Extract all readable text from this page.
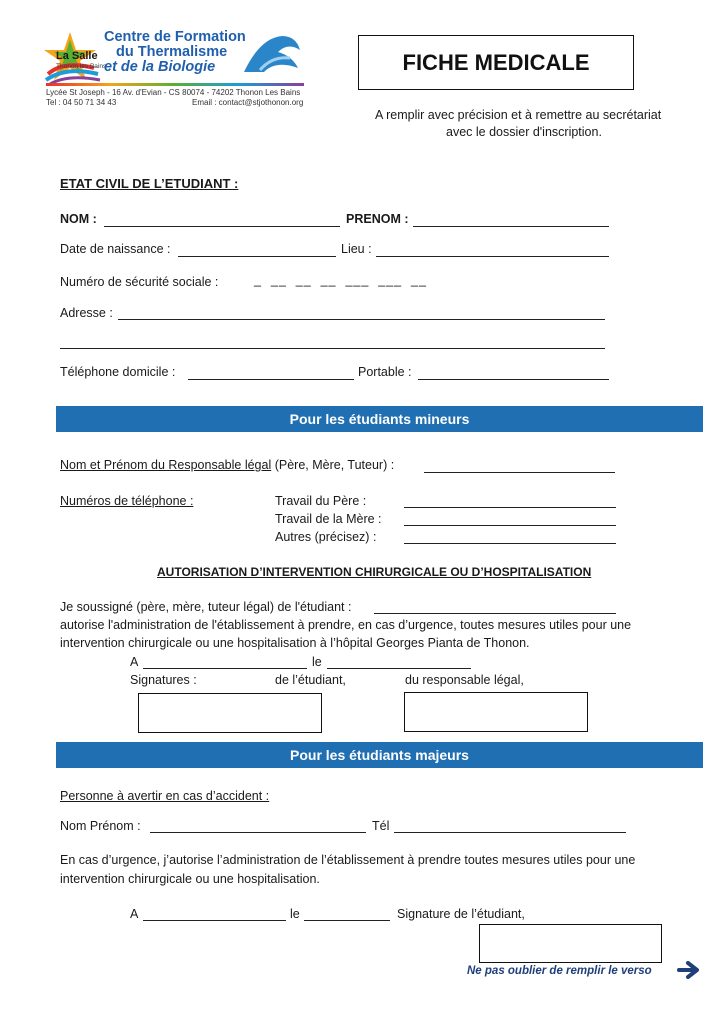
La Salle
Thonon les Bains
Centre de Formation
du Thermalisme
et de la Biologie
Lycée St Joseph - 16 Av. d'Evian - CS 80074 - 74202 Thonon Les Bains
Tel : 04 50 71 34 43	Email : contact@stjothonon.org
FICHE MEDICALE
A remplir avec précision et à remettre au secrétariat
avec le dossier d'inscription.
ETAT CIVIL DE L’ETUDIANT :
NOM :	PRENOM :
Date de naissance :	Lieu :
Numéro de sécurité sociale :	_  __  __  __  ___  ___  __
Adresse :
Téléphone domicile :	Portable :
Pour les étudiants mineurs
Nom et Prénom du Responsable légal (Père, Mère, Tuteur) :
Numéros de téléphone :	Travail du Père :
Travail de la Mère :
Autres (précisez) :
AUTORISATION D’INTERVENTION CHIRURGICALE OU D’HOSPITALISATION
Je soussigné (père, mère, tuteur légal) de l'étudiant :
autorise l'administration de l'établissement à prendre, en cas d’urgence, toutes mesures utiles pour une
intervention chirurgicale ou une hospitalisation à l’hôpital Georges Pianta de Thonon.
A	le
Signatures :	de l’étudiant,	du responsable légal,
Pour les étudiants majeurs
Personne à avertir en cas d’accident :
Nom Prénom :	Tél
En cas d’urgence, j’autorise l’administration de l’établissement à prendre toutes mesures utiles pour une
intervention chirurgicale ou une hospitalisation.
A	le	Signature de l’étudiant,
Ne pas oublier de remplir le verso
